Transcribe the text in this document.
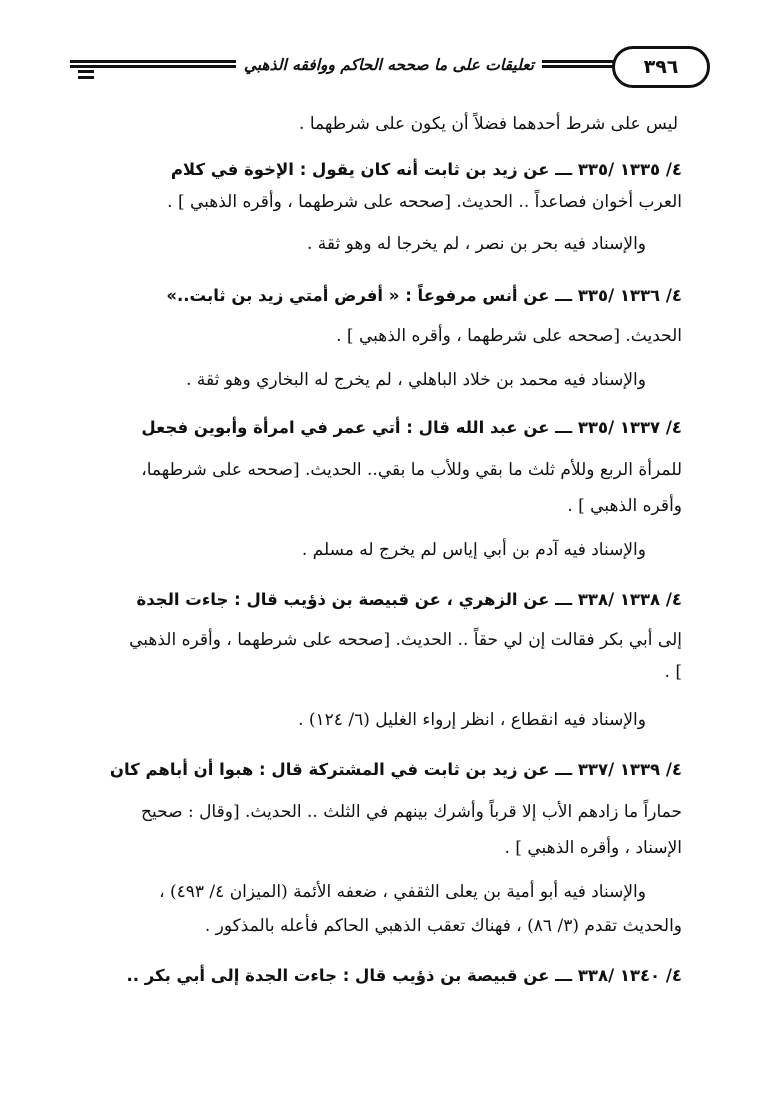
تعليقات على ما صححه الحاكم ووافقه الذهبي	٣٩٦
ليس على شرط أحدهما فضلاً أن يكون على شرطهما .
٤/ ١٣٣٥ /٣٣٥ ـــ عن زيد بن ثابت أنه كان يقول : الإخوة في كلام
العرب أخوان فصاعداً .. الحديث. [صححه على شرطهما ، وأقره الذهبي ] .
والإسناد فيه بحر بن نصر ، لم يخرجا له وهو ثقة .
٤/ ١٣٣٦ /٣٣٥ ـــ عن أنس مرفوعاً : « أفرض أمتي زيد بن ثابت..»
الحديث. [صححه على شرطهما ، وأقره الذهبي ] .
والإسناد فيه محمد بن خلاد الباهلي ، لم يخرج له البخاري وهو ثقة .
٤/ ١٣٣٧ /٣٣٥ ـــ عن عبد الله قال : أتي عمر في امرأة وأبوين فجعل
للمرأة الربع وللأم ثلث ما بقي وللأب ما بقي.. الحديث. [صححه على شرطهما،
وأقره الذهبي ] .
والإسناد فيه آدم بن أبي إياس لم يخرج له مسلم .
٤/ ١٣٣٨ /٣٣٨ ـــ عن الزهري ، عن قبيصة بن ذؤيب قال : جاءت الجدة
إلى أبي بكر فقالت إن لي حقاً .. الحديث. [صححه على شرطهما ، وأقره الذهبي
] .
والإسناد فيه انقطاع ، انظر إرواء الغليل (٦/ ١٢٤) .
٤/ ١٣٣٩ /٣٣٧ ـــ عن زيد بن ثابت في المشتركة قال : هبوا أن أباهم كان
حماراً ما زادهم الأب إلا قرباً وأشرك بينهم في الثلث .. الحديث. [وقال : صحيح
الإسناد ، وأقره الذهبي ] .
والإسناد فيه أبو أمية بن يعلى الثقفي ، ضعفه الأئمة (الميزان ٤/ ٤٩٣) ،
والحديث تقدم (٣/ ٨٦) ، فهناك تعقب الذهبي الحاكم فأعله بالمذكور .
٤/ ١٣٤٠ /٣٣٨ ـــ عن قبيصة بن ذؤيب قال : جاءت الجدة إلى أبي بكر ..
